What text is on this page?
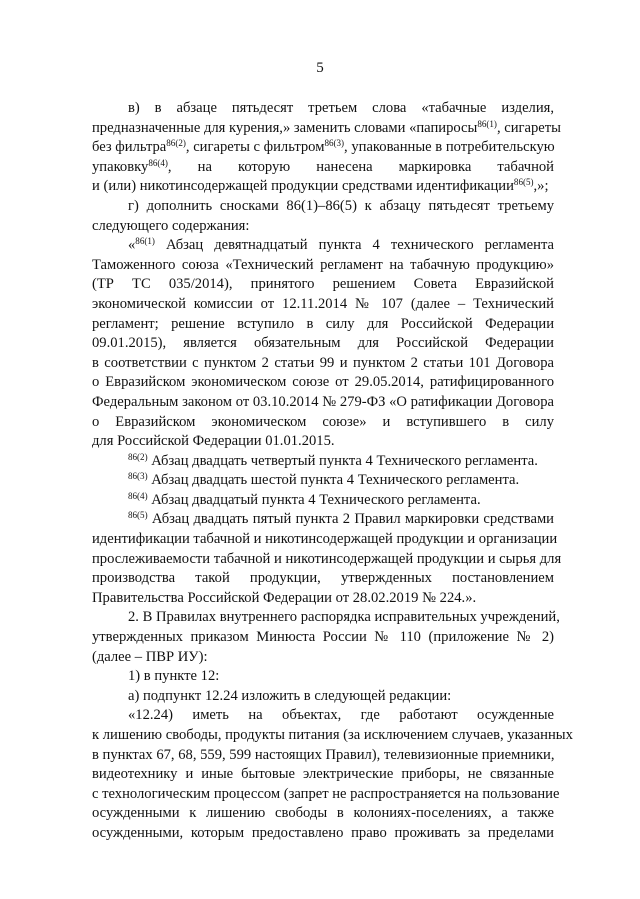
5
в) в абзаце пятьдесят третьем слова «табачные изделия,
предназначенные для курения,» заменить словами «папиросы$^{86(1)}$, сигареты
без фильтра$^{86(2)}$, сигареты с фильтром$^{86(3)}$, упакованные в потребительскую
упаковку$^{86(4)}$, на которую нанесена маркировка табачной
и (или) никотинсодержащей продукции средствами идентификации$^{86(5)}$,»;
г) дополнить сносками 86(1)–86(5) к абзацу пятьдесят третьему
следующего содержания:
«$^{86(1)}$ Абзац девятнадцатый пункта 4 технического регламента
Таможенного союза «Технический регламент на табачную продукцию»
(ТР ТС 035/2014), принятого решением Совета Евразийской
экономической комиссии от 12.11.2014 № 107 (далее – Технический
регламент; решение вступило в силу для Российской Федерации
09.01.2015), является обязательным для Российской Федерации
в соответствии с пунктом 2 статьи 99 и пунктом 2 статьи 101 Договора
о Евразийском экономическом союзе от 29.05.2014, ратифицированного
Федеральным законом от 03.10.2014 № 279-ФЗ «О ратификации Договора
о Евразийском экономическом союзе» и вступившего в силу
для Российской Федерации 01.01.2015.
$^{86(2)}$ Абзац двадцать четвертый пункта 4 Технического регламента.
$^{86(3)}$ Абзац двадцать шестой пункта 4 Технического регламента.
$^{86(4)}$ Абзац двадцатый пункта 4 Технического регламента.
$^{86(5)}$ Абзац двадцать пятый пункта 2 Правил маркировки средствами
идентификации табачной и никотинсодержащей продукции и организации
прослеживаемости табачной и никотинсодержащей продукции и сырья для
производства такой продукции, утвержденных постановлением
Правительства Российской Федерации от 28.02.2019 № 224.».
2. В Правилах внутреннего распорядка исправительных учреждений,
утвержденных приказом Минюста России № 110 (приложение № 2)
(далее – ПВР ИУ):
1) в пункте 12:
а) подпункт 12.24 изложить в следующей редакции:
«12.24) иметь на объектах, где работают осужденные
к лишению свободы, продукты питания (за исключением случаев, указанных
в пунктах 67, 68, 559, 599 настоящих Правил), телевизионные приемники,
видеотехнику и иные бытовые электрические приборы, не связанные
с технологическим процессом (запрет не распространяется на пользование
осужденными к лишению свободы в колониях-поселениях, а также
осужденными, которым предоставлено право проживать за пределами
